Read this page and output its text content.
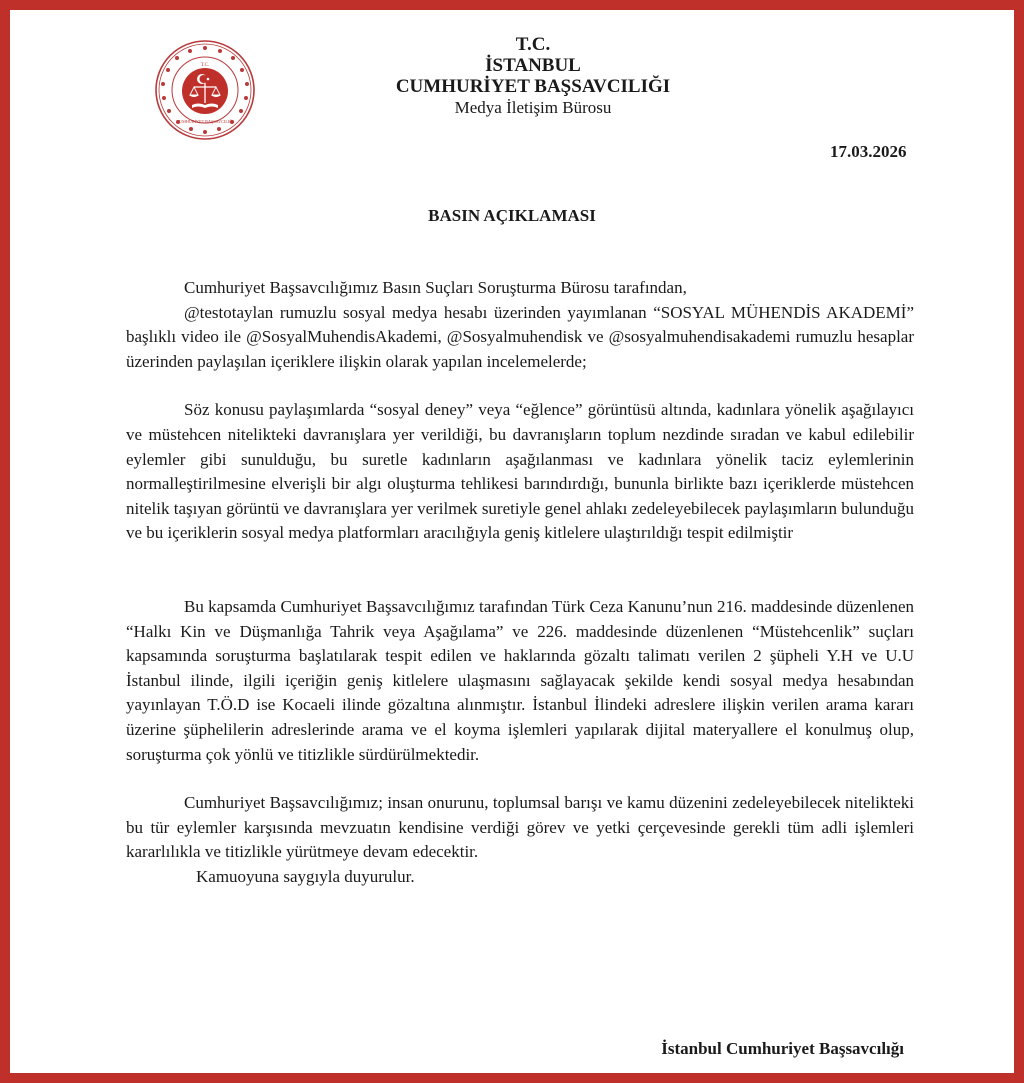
T.C.
CUMHURİYET BAŞSAVCILIĞI
T.C.
İSTANBUL
CUMHURİYET BAŞSAVCILIĞI
Medya İletişim Bürosu
17.03.2026
BASIN AÇIKLAMASI

Cumhuriyet Başsavcılığımız Basın Suçları Soruşturma Bürosu tarafından,

@testotaylan rumuzlu sosyal medya hesabı üzerinden yayımlanan “SOSYAL MÜHENDİS AKADEMİ” başlıklı video ile @SosyalMuhendisAkademi, @Sosyalmuhendisk ve @sosyalmuhendisakademi rumuzlu hesaplar üzerinden paylaşılan içeriklere ilişkin olarak yapılan incelemelerde;

Söz konusu paylaşımlarda “sosyal deney” veya “eğlence” görüntüsü altında, kadınlara yönelik aşağılayıcı ve müstehcen nitelikteki davranışlara yer verildiği, bu davranışların toplum nezdinde sıradan ve kabul edilebilir eylemler gibi sunulduğu, bu suretle kadınların aşağılanması ve kadınlara yönelik taciz eylemlerinin normalleştirilmesine elverişli bir algı oluşturma tehlikesi barındırdığı, bununla birlikte bazı içeriklerde müstehcen nitelik taşıyan görüntü ve davranışlara yer verilmek suretiyle genel ahlakı zedeleyebilecek paylaşımların bulunduğu ve bu içeriklerin sosyal medya platformları aracılığıyla geniş kitlelere ulaştırıldığı tespit edilmiştir

Bu kapsamda Cumhuriyet Başsavcılığımız tarafından Türk Ceza Kanunu’nun 216. maddesinde düzenlenen “Halkı Kin ve Düşmanlığa Tahrik veya Aşağılama” ve 226. maddesinde düzenlenen “Müstehcenlik” suçları kapsamında soruşturma başlatılarak tespit edilen ve haklarında gözaltı talimatı verilen 2 şüpheli Y.H ve U.U İstanbul ilinde, ilgili içeriğin geniş kitlelere ulaşmasını sağlayacak şekilde kendi sosyal medya hesabından yayınlayan T.Ö.D ise Kocaeli ilinde gözaltına alınmıştır. İstanbul İlindeki adreslere ilişkin verilen arama kararı üzerine şüphelilerin adreslerinde arama ve el koyma işlemleri yapılarak dijital materyallere el konulmuş olup, soruşturma çok yönlü ve titizlikle sürdürülmektedir.

Cumhuriyet Başsavcılığımız; insan onurunu, toplumsal barışı ve kamu düzenini zedeleyebilecek nitelikteki bu tür eylemler karşısında mevzuatın kendisine verdiği görev ve yetki çerçevesinde gerekli tüm adli işlemleri kararlılıkla ve titizlikle yürütmeye devam edecektir.

Kamuoyuna saygıyla duyurulur.

İstanbul Cumhuriyet Başsavcılığı
